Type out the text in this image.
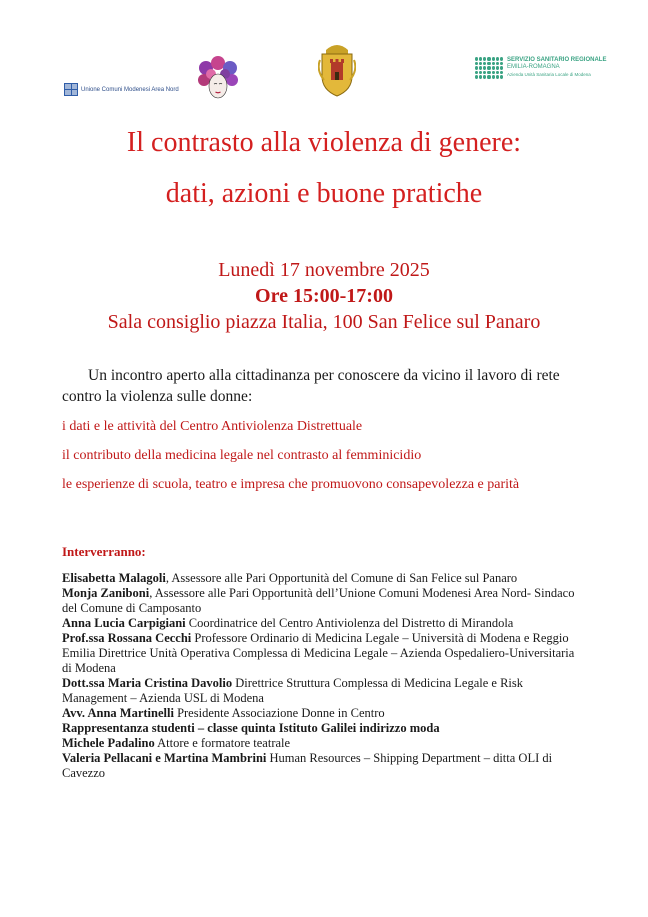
Unione Comuni Modenesi Area Nord
SERVIZIO SANITARIO REGIONALE
EMILIA-ROMAGNA
Azienda Unità Sanitaria Locale di Modena
Il contrasto alla violenza di genere:
dati, azioni e buone pratiche

Lunedì 17 novembre 2025

Ore 15:00-17:00

Sala consiglio piazza Italia, 100 San Felice sul Panaro

Un incontro aperto alla cittadinanza per conoscere da vicino il lavoro di rete contro la violenza sulle donne:

i dati e le attività del Centro Antiviolenza Distrettuale
il contributo della medicina legale nel contrasto al femminicidio
le esperienze di scuola, teatro e impresa che promuovono consapevolezza e parità

Interverranno:

Elisabetta Malagoli, Assessore alle Pari Opportunità del Comune di San Felice sul Panaro
Monja Zaniboni, Assessore alle Pari Opportunità dell’Unione Comuni Modenesi Area Nord- Sindaco del Comune di Camposanto
Anna Lucia Carpigiani Coordinatrice del Centro Antiviolenza del Distretto di Mirandola
Prof.ssa Rossana Cecchi Professore Ordinario di Medicina Legale – Università di Modena e Reggio Emilia Direttrice Unità Operativa Complessa di Medicina Legale – Azienda Ospedaliero-Universitaria di Modena
Dott.ssa Maria Cristina Davolio Direttrice Struttura Complessa di Medicina Legale e Risk Management – Azienda USL di Modena
Avv. Anna Martinelli Presidente Associazione Donne in Centro
Rappresentanza studenti – classe quinta Istituto Galilei indirizzo moda
Michele Padalino Attore e formatore teatrale
Valeria Pellacani e Martina Mambrini Human Resources – Shipping Department – ditta OLI di Cavezzo
